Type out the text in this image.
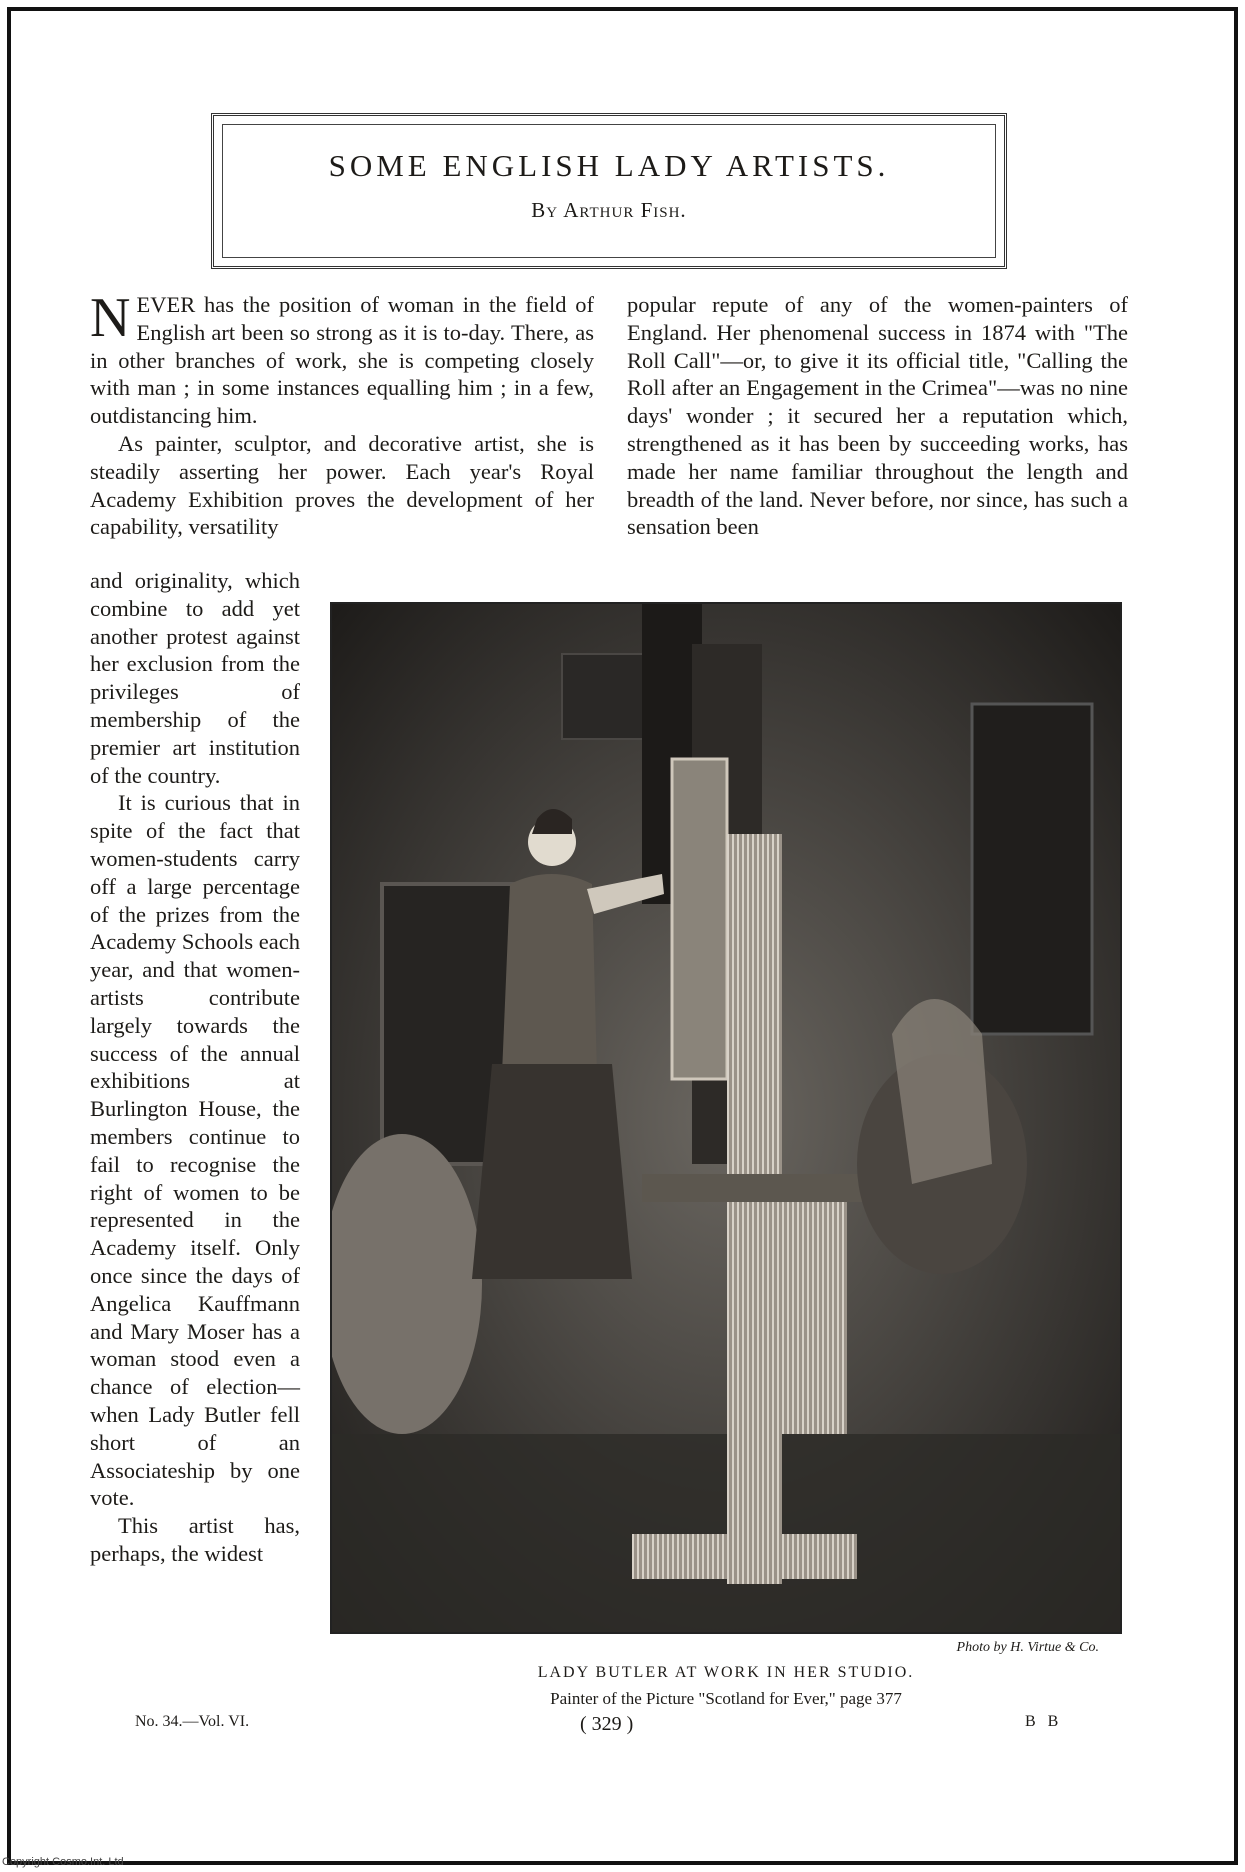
SOME ENGLISH LADY ARTISTS.
By Arthur Fish.

NEVER has the position of woman in the field of English art been so strong as it is to-day. There, as in other branches of work, she is competing closely with man ; in some instances equalling him ; in a few, outdistancing him.

As painter, sculptor, and decorative artist, she is steadily asserting her power. Each year's Royal Academy Exhibition proves the development of her capability, versatility

and originality, which combine to add yet another protest against her exclusion from the privileges of membership of the premier art institution of the country.

It is curious that in spite of the fact that women-students carry off a large percentage of the prizes from the Academy Schools each year, and that women-artists contribute largely towards the success of the annual exhibitions at Burlington House, the members continue to fail to recognise the right of women to be represented in the Academy itself. Only once since the days of Angelica Kauffmann and Mary Moser has a woman stood even a chance of election—when Lady Butler fell short of an Associateship by one vote.

This artist has, perhaps, the widest

popular repute of any of the women-painters of England. Her phenomenal success in 1874 with "The Roll Call"—or, to give it its official title, "Calling the Roll after an Engagement in the Crimea"—was no nine days' wonder ; it secured her a reputation which, strengthened as it has been by succeeding works, has made her name familiar throughout the length and breadth of the land. Never before, nor since, has such a sensation been

Photo by H. Virtue & Co.
LADY BUTLER AT WORK IN HER STUDIO.
Painter of the Picture "Scotland for Ever," page 377
No. 34.—Vol. VI.	( 329 )	B B
Copyright Cosmo.Int. Ltd
